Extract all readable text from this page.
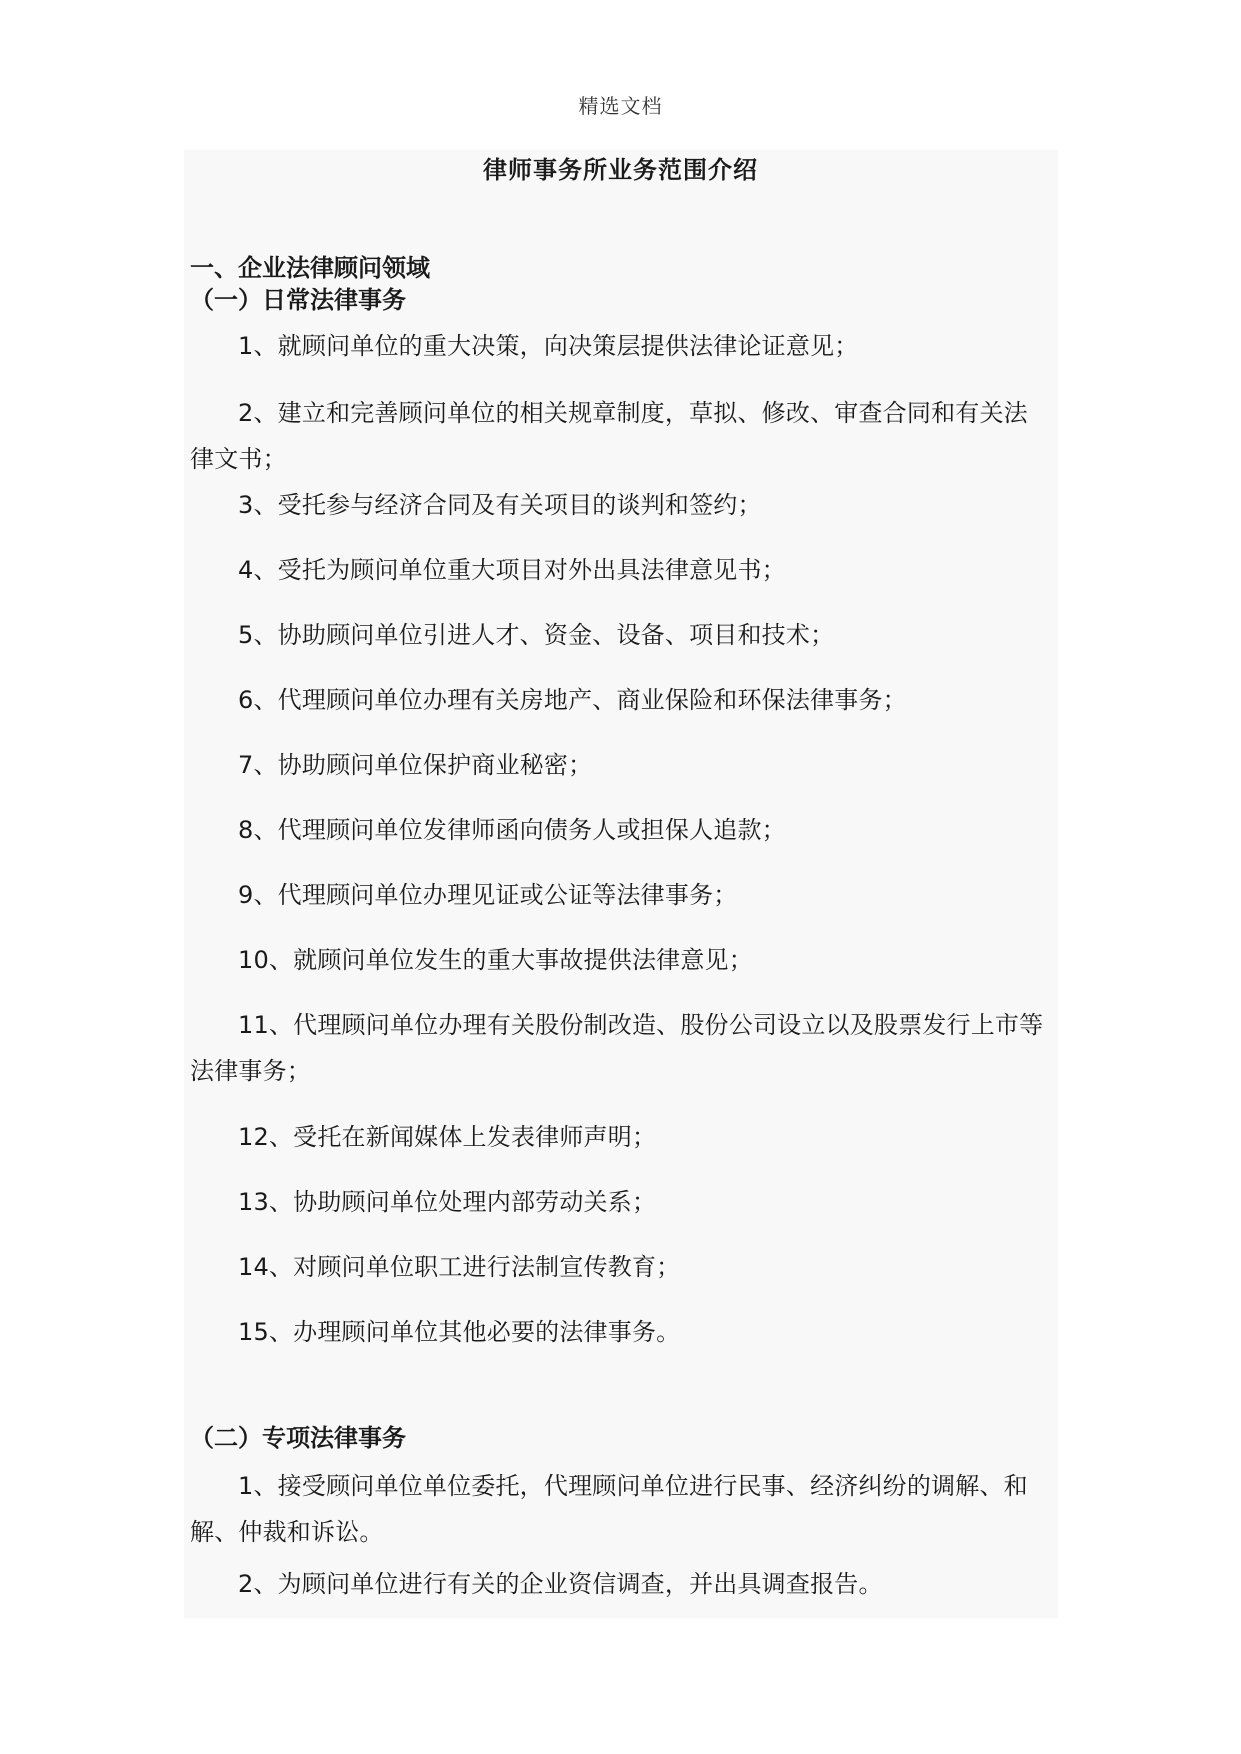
精选文档
律师事务所业务范围介绍
一、企业法律顾问领域
（一）日常法律事务
1、就顾问单位的重大决策，向决策层提供法律论证意见；
2、建立和完善顾问单位的相关规章制度，草拟、修改、审查合同和有关法律文书；
3、受托参与经济合同及有关项目的谈判和签约；
4、受托为顾问单位重大项目对外出具法律意见书；
5、协助顾问单位引进人才、资金、设备、项目和技术；
6、代理顾问单位办理有关房地产、商业保险和环保法律事务；
7、协助顾问单位保护商业秘密；
8、代理顾问单位发律师函向债务人或担保人追款；
9、代理顾问单位办理见证或公证等法律事务；
10、就顾问单位发生的重大事故提供法律意见；
11、代理顾问单位办理有关股份制改造、股份公司设立以及股票发行上市等法律事务；
12、受托在新闻媒体上发表律师声明；
13、协助顾问单位处理内部劳动关系；
14、对顾问单位职工进行法制宣传教育；
15、办理顾问单位其他必要的法律事务。
（二）专项法律事务
1、接受顾问单位单位委托，代理顾问单位进行民事、经济纠纷的调解、和解、仲裁和诉讼。
2、为顾问单位进行有关的企业资信调查，并出具调查报告。
